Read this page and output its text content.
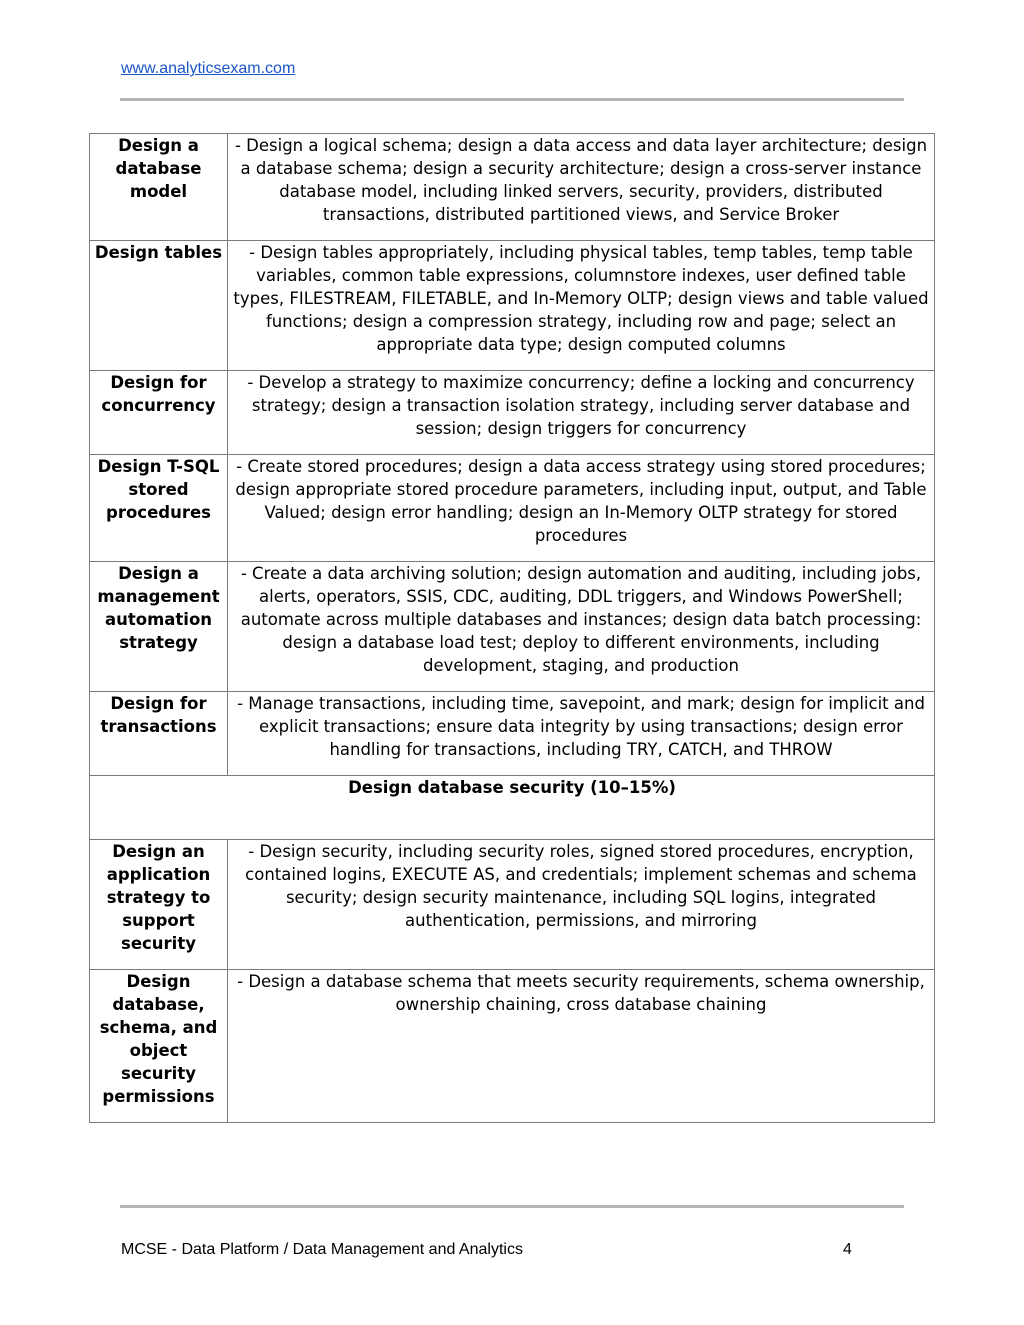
www.analyticsexam.com
Design a database model	- Design a logical schema; design a data access and data layer architecture; design a database schema; design a security architecture; design a cross-server instance database model, including linked servers, security, providers, distributed transactions, distributed partitioned views, and Service Broker
Design tables	- Design tables appropriately, including physical tables, temp tables, temp table variables, common table expressions, columnstore indexes, user defined table types, FILESTREAM, FILETABLE, and In-Memory OLTP; design views and table valued functions; design a compression strategy, including row and page; select an appropriate data type; design computed columns
Design for concurrency	- Develop a strategy to maximize concurrency; define a locking and concurrency strategy; design a transaction isolation strategy, including server database and session; design triggers for concurrency
Design T-SQL stored procedures	- Create stored procedures; design a data access strategy using stored procedures; design appropriate stored procedure parameters, including input, output, and Table Valued; design error handling; design an In-Memory OLTP strategy for stored procedures
Design a management automation strategy	- Create a data archiving solution; design automation and auditing, including jobs, alerts, operators, SSIS, CDC, auditing, DDL triggers, and Windows PowerShell; automate across multiple databases and instances; design data batch processing: design a database load test; deploy to different environments, including development, staging, and production
Design for transactions	- Manage transactions, including time, savepoint, and mark; design for implicit and explicit transactions; ensure data integrity by using transactions; design error handling for transactions, including TRY, CATCH, and THROW
Design database security (10–15%)	
Design an application strategy to support security	- Design security, including security roles, signed stored procedures, encryption, contained logins, EXECUTE AS, and credentials; implement schemas and schema security; design security maintenance, including SQL logins, integrated authentication, permissions, and mirroring
Design database, schema, and object security permissions	- Design a database schema that meets security requirements, schema ownership, ownership chaining, cross database chaining
MCSE - Data Platform / Data Management and Analytics	4
